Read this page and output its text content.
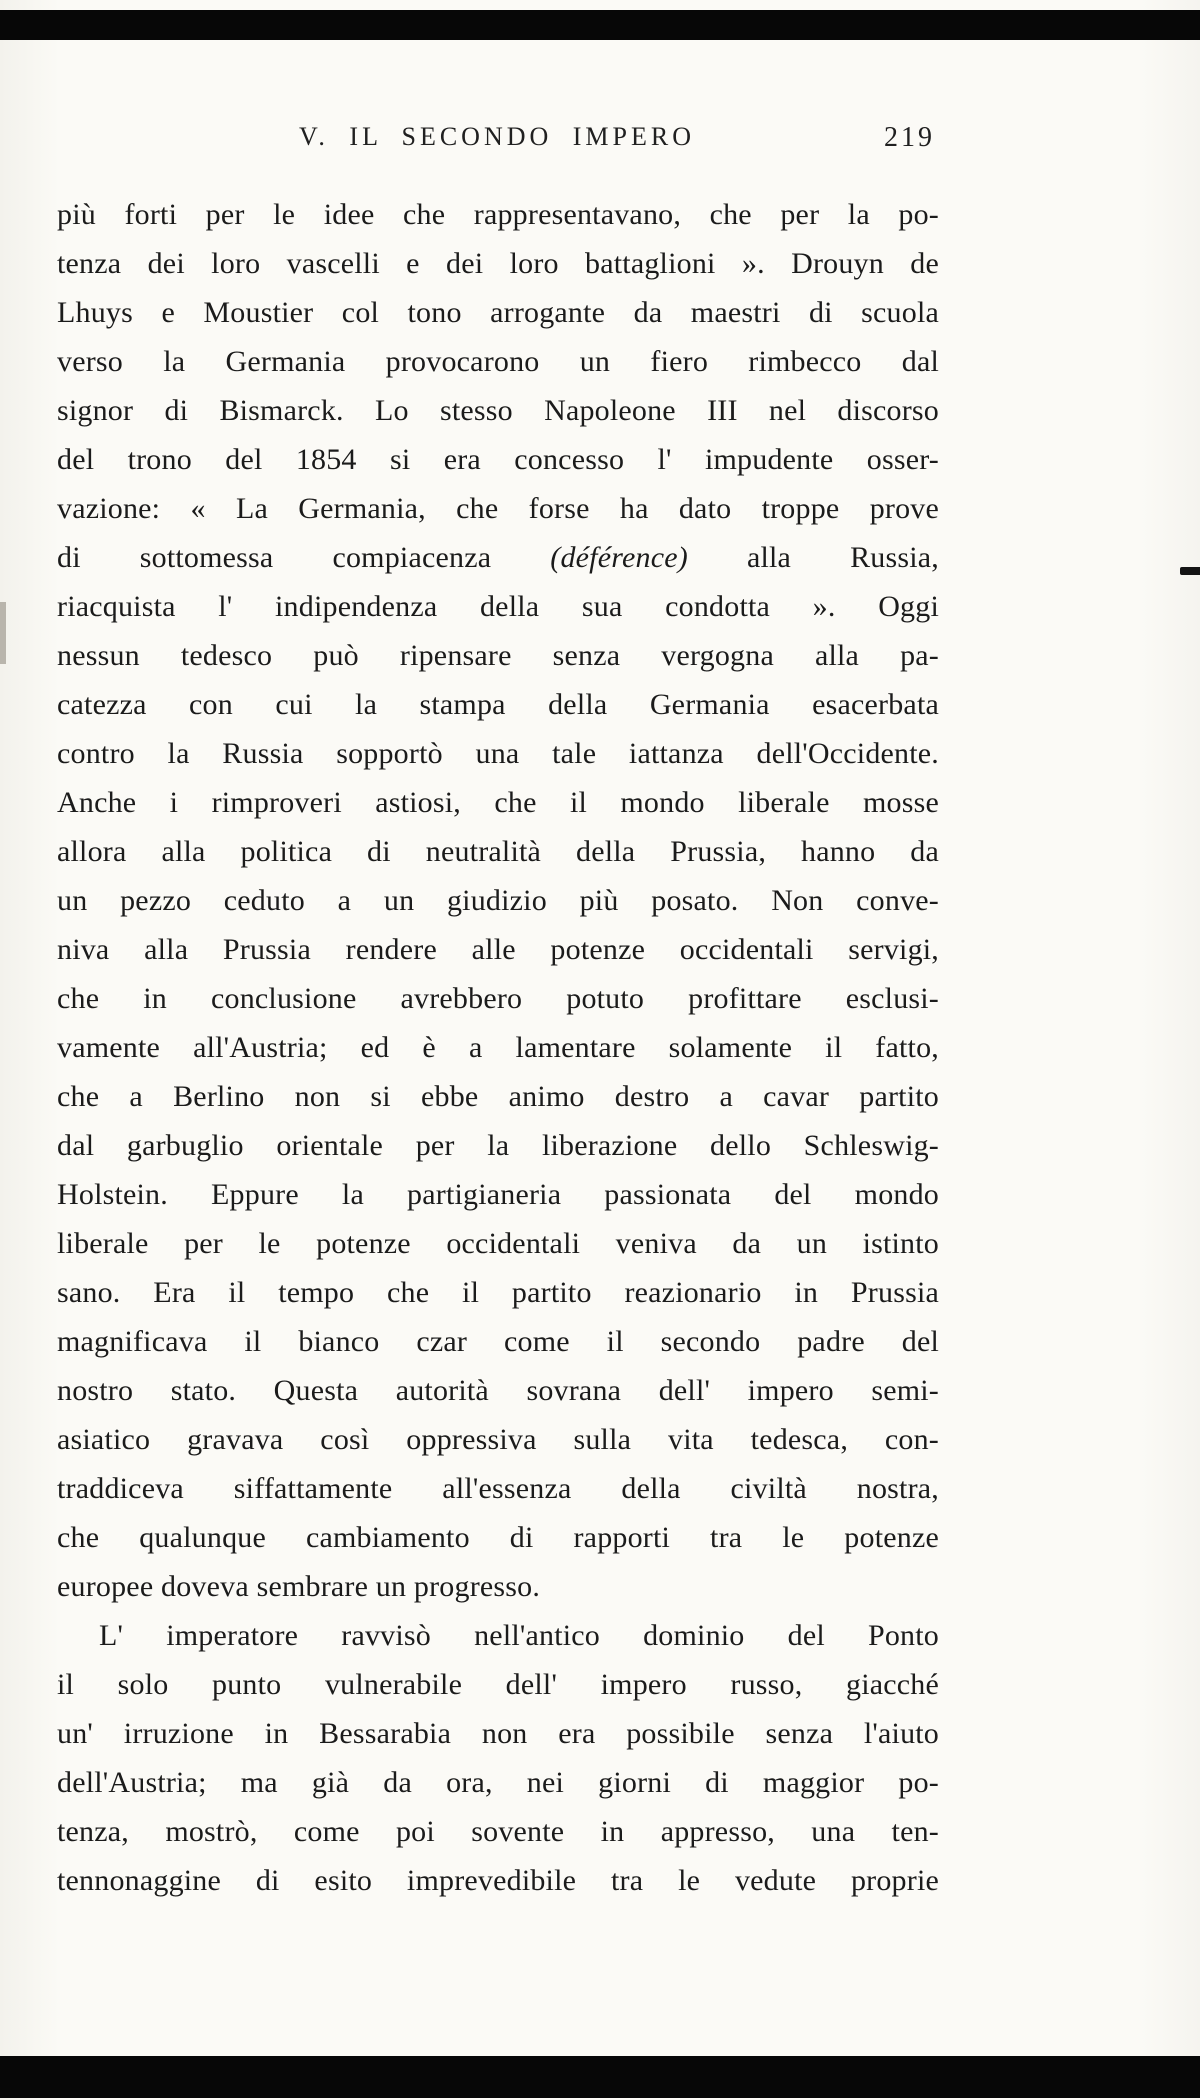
V. IL SECONDO IMPERO	219
più forti per le idee che rappresentavano, che per la po-
tenza dei loro vascelli e dei loro battaglioni ». Drouyn de
Lhuys e Moustier col tono arrogante da maestri di scuola
verso la Germania provocarono un fiero rimbecco dal
signor di Bismarck. Lo stesso Napoleone III nel discorso
del trono del 1854 si era concesso l' impudente osser-
vazione: « La Germania, che forse ha dato troppe prove
di sottomessa compiacenza (déférence) alla Russia,
riacquista l' indipendenza della sua condotta ». Oggi
nessun tedesco può ripensare senza vergogna alla pa-
catezza con cui la stampa della Germania esacerbata
contro la Russia sopportò una tale iattanza dell'Occidente.
Anche i rimproveri astiosi, che il mondo liberale mosse
allora alla politica di neutralità della Prussia, hanno da
un pezzo ceduto a un giudizio più posato. Non conve-
niva alla Prussia rendere alle potenze occidentali servigi,
che in conclusione avrebbero potuto profittare esclusi-
vamente all'Austria; ed è a lamentare solamente il fatto,
che a Berlino non si ebbe animo destro a cavar partito
dal garbuglio orientale per la liberazione dello Schleswig-
Holstein. Eppure la partigianeria passionata del mondo
liberale per le potenze occidentali veniva da un istinto
sano. Era il tempo che il partito reazionario in Prussia
magnificava il bianco czar come il secondo padre del
nostro stato. Questa autorità sovrana dell' impero semi-
asiatico gravava così oppressiva sulla vita tedesca, con-
traddiceva siffattamente all'essenza della civiltà nostra,
che qualunque cambiamento di rapporti tra le potenze
europee doveva sembrare un progresso.
L' imperatore ravvisò nell'antico dominio del Ponto
il solo punto vulnerabile dell' impero russo, giacché
un' irruzione in Bessarabia non era possibile senza l'aiuto
dell'Austria; ma già da ora, nei giorni di maggior po-
tenza, mostrò, come poi sovente in appresso, una ten-
tennonaggine di esito imprevedibile tra le vedute proprie
